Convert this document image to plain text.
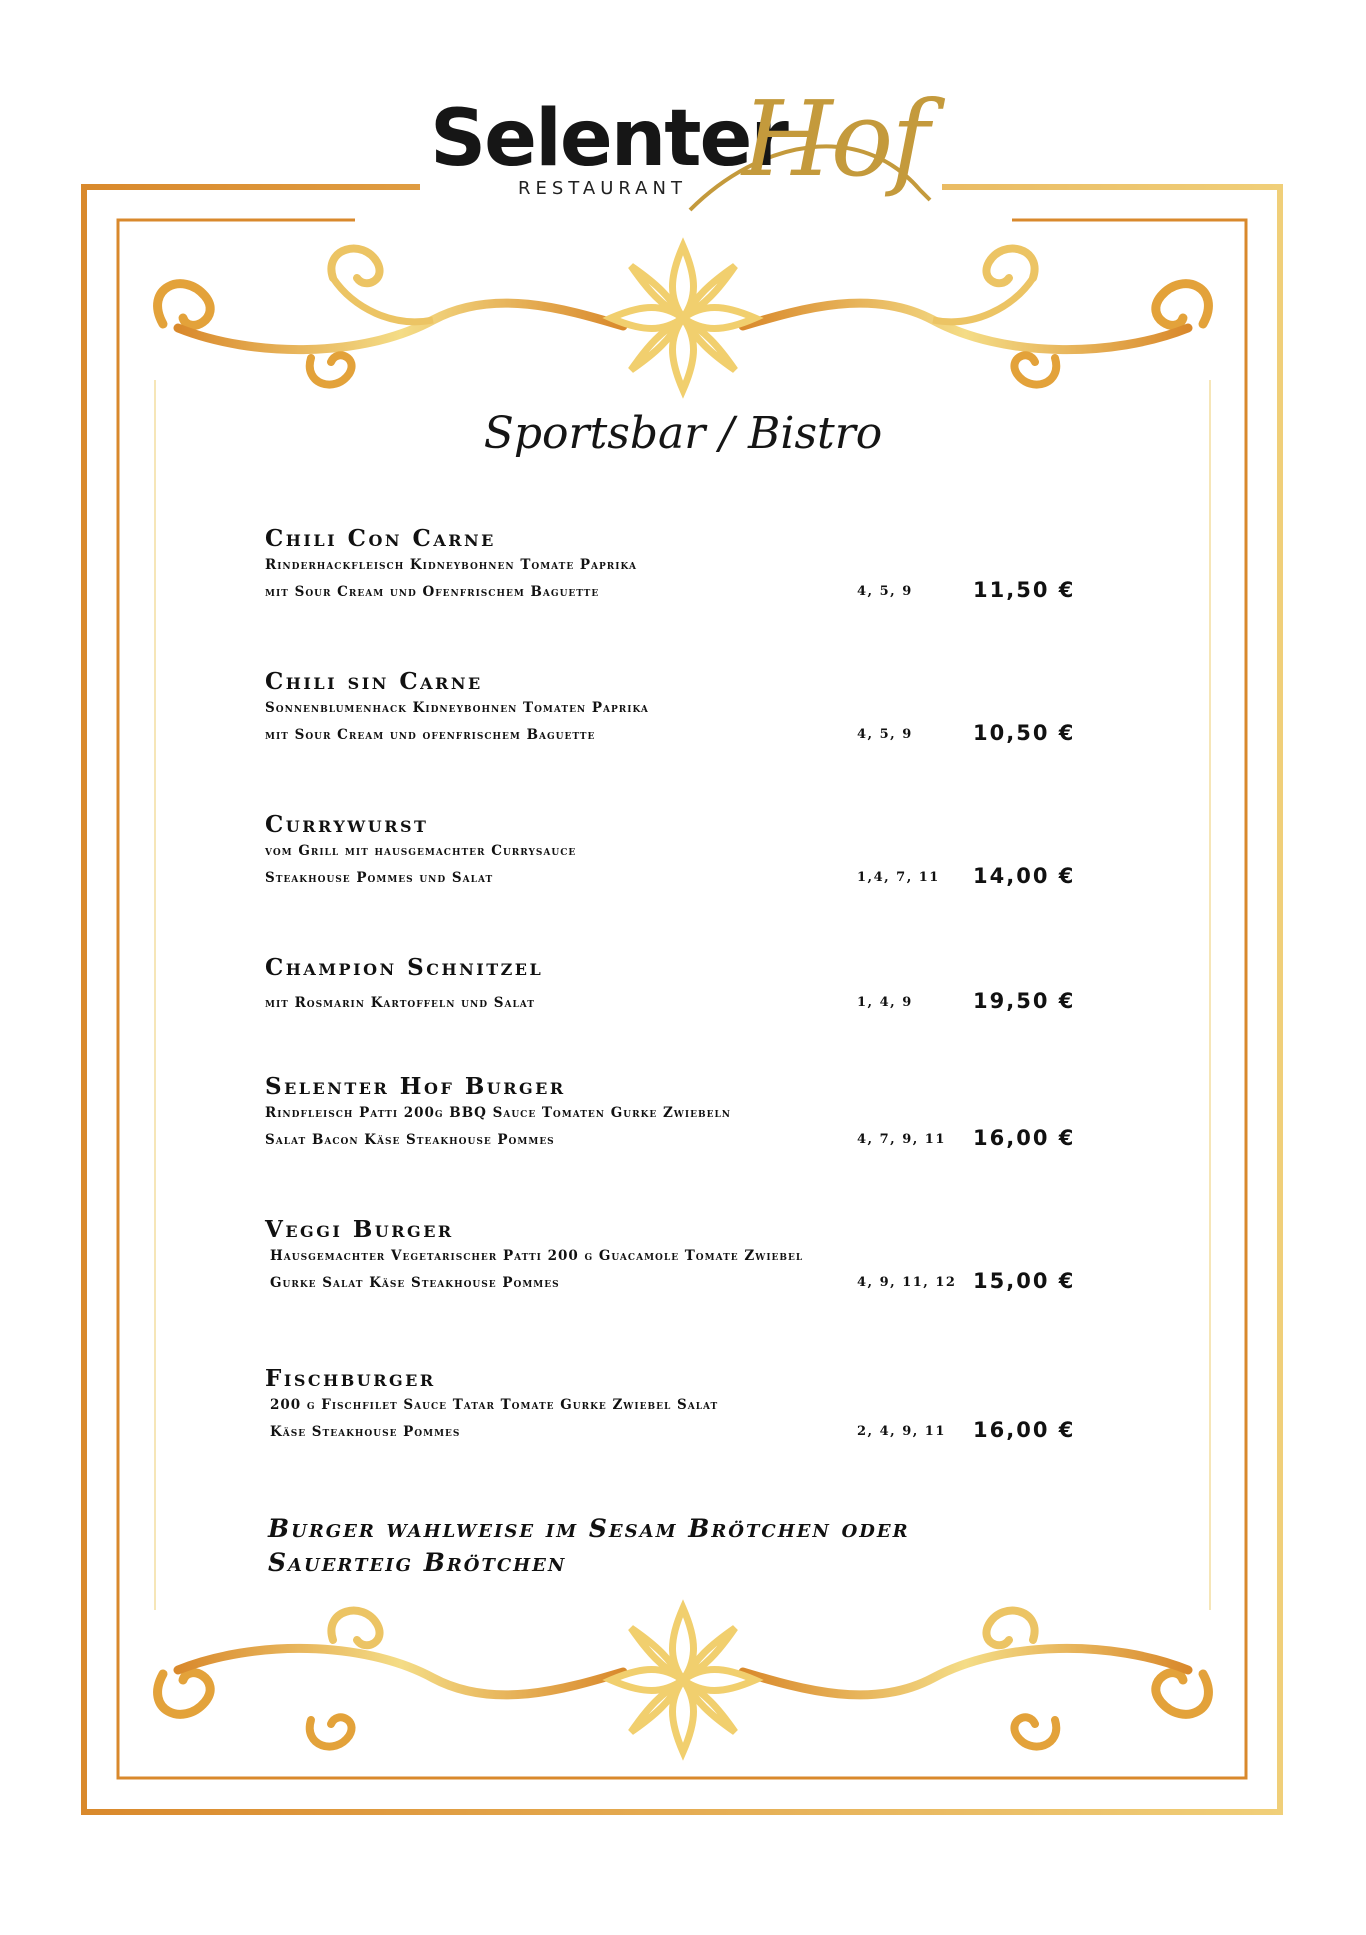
Selenter
Hof
RESTAURANT
Sportsbar / Bistro
Chili Con Carne
Rinderhackfleisch Kidneybohnen Tomate Paprika
mit Sour Cream und Ofenfrischem Baguette	4, 5, 9	11,50 €
Chili sin Carne
Sonnenblumenhack Kidneybohnen Tomaten Paprika
mit Sour Cream und ofenfrischem Baguette	4, 5, 9	10,50 €
Currywurst
vom Grill mit hausgemachter Currysauce
Steakhouse Pommes und Salat	1,4, 7, 11 14,00 €
Champion Schnitzel
mit Rosmarin Kartoffeln und Salat	1, 4, 9	19,50 €
Selenter Hof Burger
Rindfleisch Patti 200g BBQ Sauce Tomaten Gurke Zwiebeln
Salat Bacon Käse Steakhouse Pommes	4, 7, 9, 11 16,00 €
Veggi Burger
Hausgemachter Vegetarischer Patti 200 g Guacamole Tomate Zwiebel
Gurke Salat Käse Steakhouse Pommes	4, 9, 11, 12 15,00 €
Fischburger
200 g Fischfilet Sauce Tatar Tomate Gurke Zwiebel Salat
Käse Steakhouse Pommes	2, 4, 9, 11 16,00 €
Burger wahlweise im Sesam Brötchen oder
Sauerteig Brötchen
